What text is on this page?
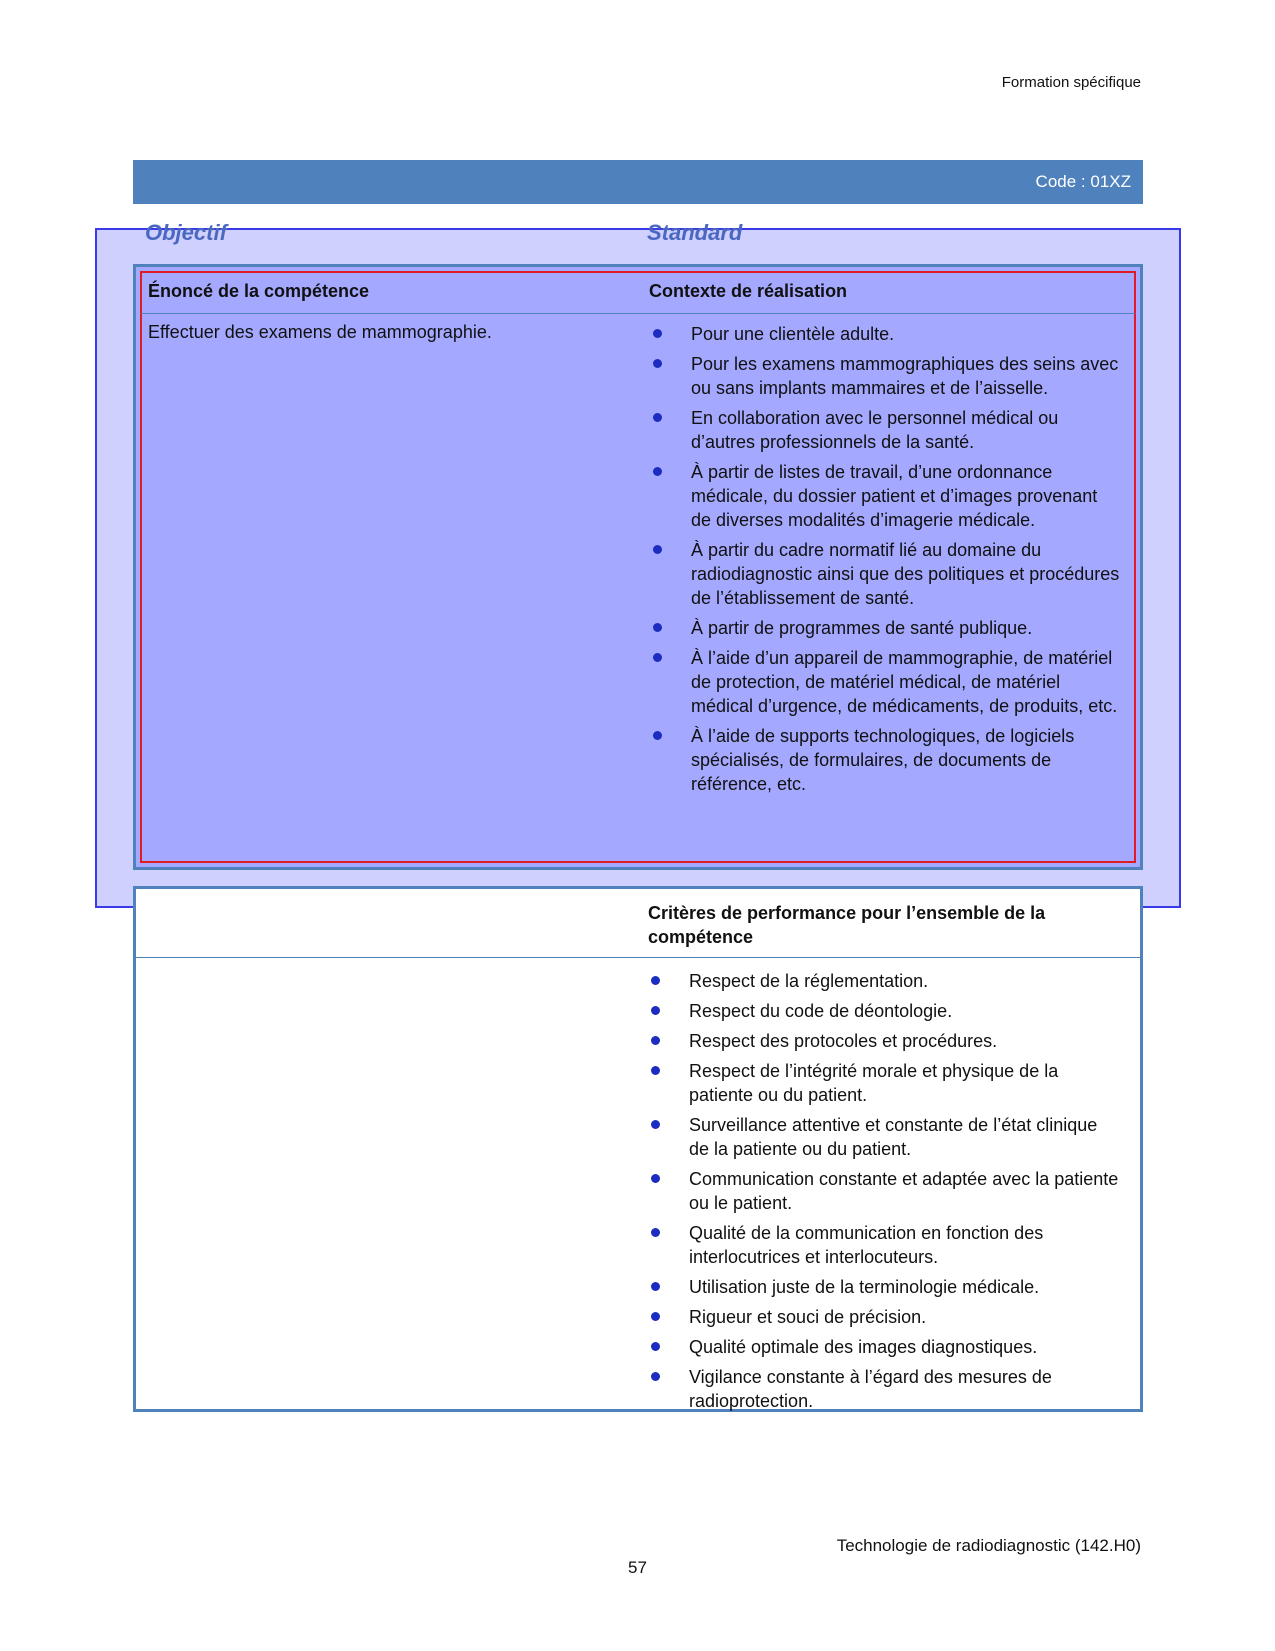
Formation spécifique
Code : 01XZ
Objectif	Standard
Énoncé de la compétence	Contexte de réalisation
Effectuer des examens de mammographie.	Pour une clientèle adulte.
Pour les examens mammographiques des seins avec ou sans implants mammaires et de l’aisselle.
En collaboration avec le personnel médical ou d’autres professionnels de la santé.
À partir de listes de travail, d’une ordonnance médicale, du dossier patient et d’images provenant de diverses modalités d’imagerie médicale.
À partir du cadre normatif lié au domaine du radiodiagnostic ainsi que des politiques et procédures de l’établissement de santé.
À partir de programmes de santé publique.
À l’aide d’un appareil de mammographie, de matériel de protection, de matériel médical, de matériel médical d’urgence, de médicaments, de produits, etc.
À l’aide de supports technologiques, de logiciels spécialisés, de formulaires, de documents de référence, etc.
Critères de performance pour l’ensemble de la compétence
Respect de la réglementation.
Respect du code de déontologie.
Respect des protocoles et procédures.
Respect de l’intégrité morale et physique de la patiente ou du patient.
Surveillance attentive et constante de l’état clinique de la patiente ou du patient.
Communication constante et adaptée avec la patiente ou le patient.
Qualité de la communication en fonction des interlocutrices et interlocuteurs.
Utilisation juste de la terminologie médicale.
Rigueur et souci de précision.
Qualité optimale des images diagnostiques.
Vigilance constante à l’égard des mesures de radioprotection.
Technologie de radiodiagnostic (142.H0)
57
